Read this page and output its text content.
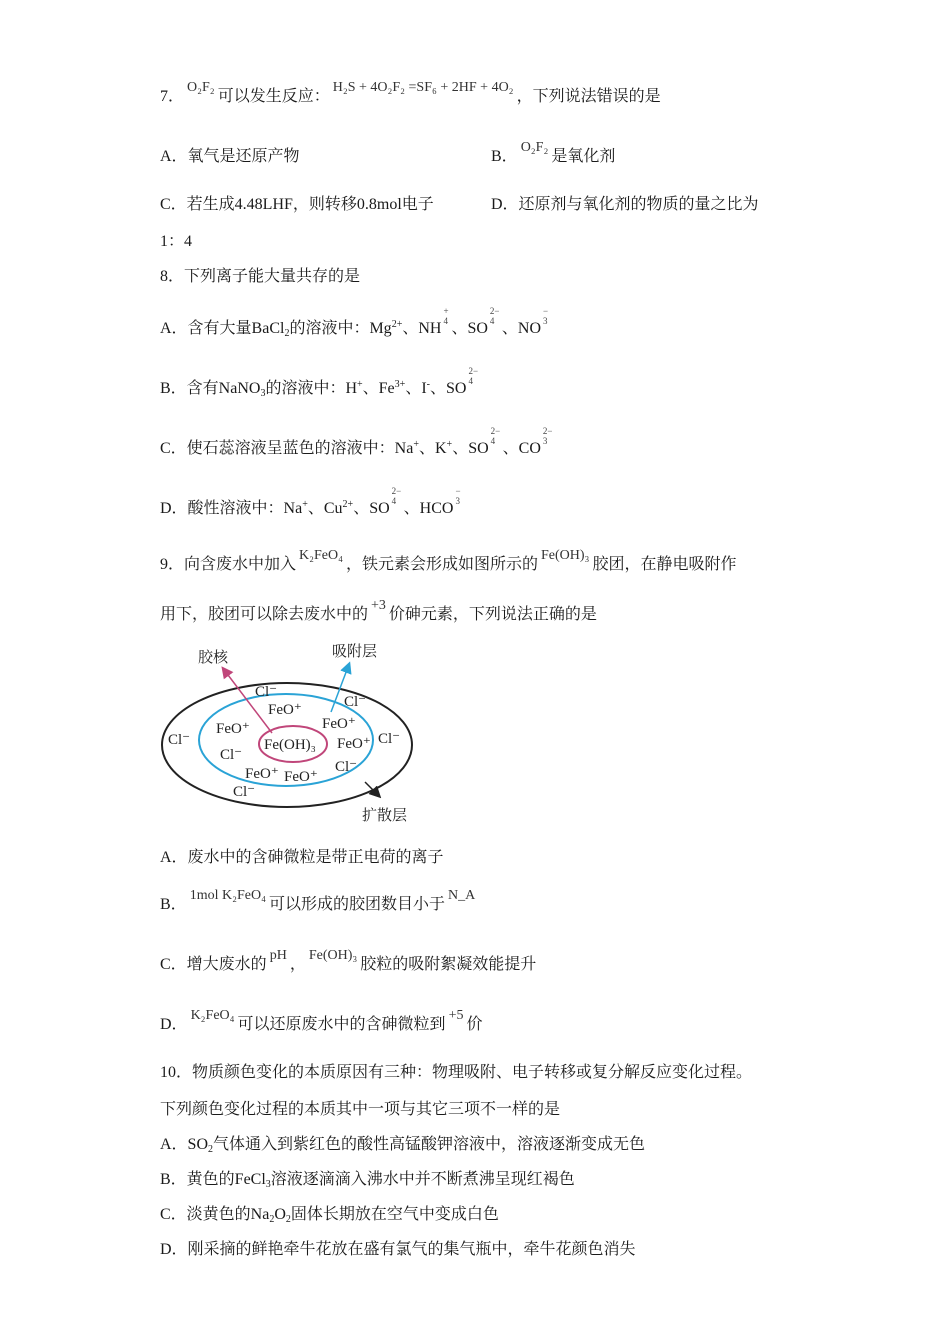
7．O₂F₂可以发生反应：H₂S + 4O₂F₂ =SF₆ + 2HF + 4O₂，下列说法错误的是
A．氧气是还原产物	B．O₂F₂是氧化剂
C．若生成4.48LHF，则转移0.8mol电子	D．还原剂与氧化剂的物质的量之比为
1：4
8．下列离子能大量共存的是
A．含有大量BaCl$_2$的溶液中：$Mg^{2+}$、NH
+
4 、SO
2−
4 、NO
−
3
B．含有NaNO$_3$的溶液中：H+、$Fe^{3+}$、I-、SO
2−
4
C．使石蕊溶液呈蓝色的溶液中：Na+、K+、SO
2−
4 、CO
2−
3
D．酸性溶液中：Na+、$Cu^{2+}$、SO
2−
4 、HCO
−
3
9．向含废水中加入K₂FeO₄，铁元素会形成如图所示的Fe(OH)₃胶团，在静电吸附作
用下，胶团可以除去废水中的+3价砷元素，下列说法正确的是
胶核	吸附层
扩散层
Fe(OH)₃
Cl⁻
FeO⁺	Cl⁻
FeO⁺
FeO⁺
Cl⁻	FeO⁺ Cl⁻
Cl⁻
Cl⁻
FeO⁺ FeO⁺
Cl⁻
A．废水中的含砷微粒是带正电荷的离子
B．1mol K₂FeO₄可以形成的胶团数目小于N_A
C．增大废水的pH，Fe(OH)₃胶粒的吸附絮凝效能提升
D．K₂FeO₄可以还原废水中的含砷微粒到+5价
10．物质颜色变化的本质原因有三种：物理吸附、电子转移或复分解反应变化过程。
下列颜色变化过程的本质其中一项与其它三项不一样的是
A．$SO_2$气体通入到紫红色的酸性高锰酸钾溶液中，溶液逐渐变成无色
B．黄色的FeCl$_3$溶液逐滴滴入沸水中并不断煮沸呈现红褐色
C．淡黄色的$Na_2O_2$固体长期放在空气中变成白色
D．刚采摘的鲜艳牵牛花放在盛有氯气的集气瓶中，牵牛花颜色消失
